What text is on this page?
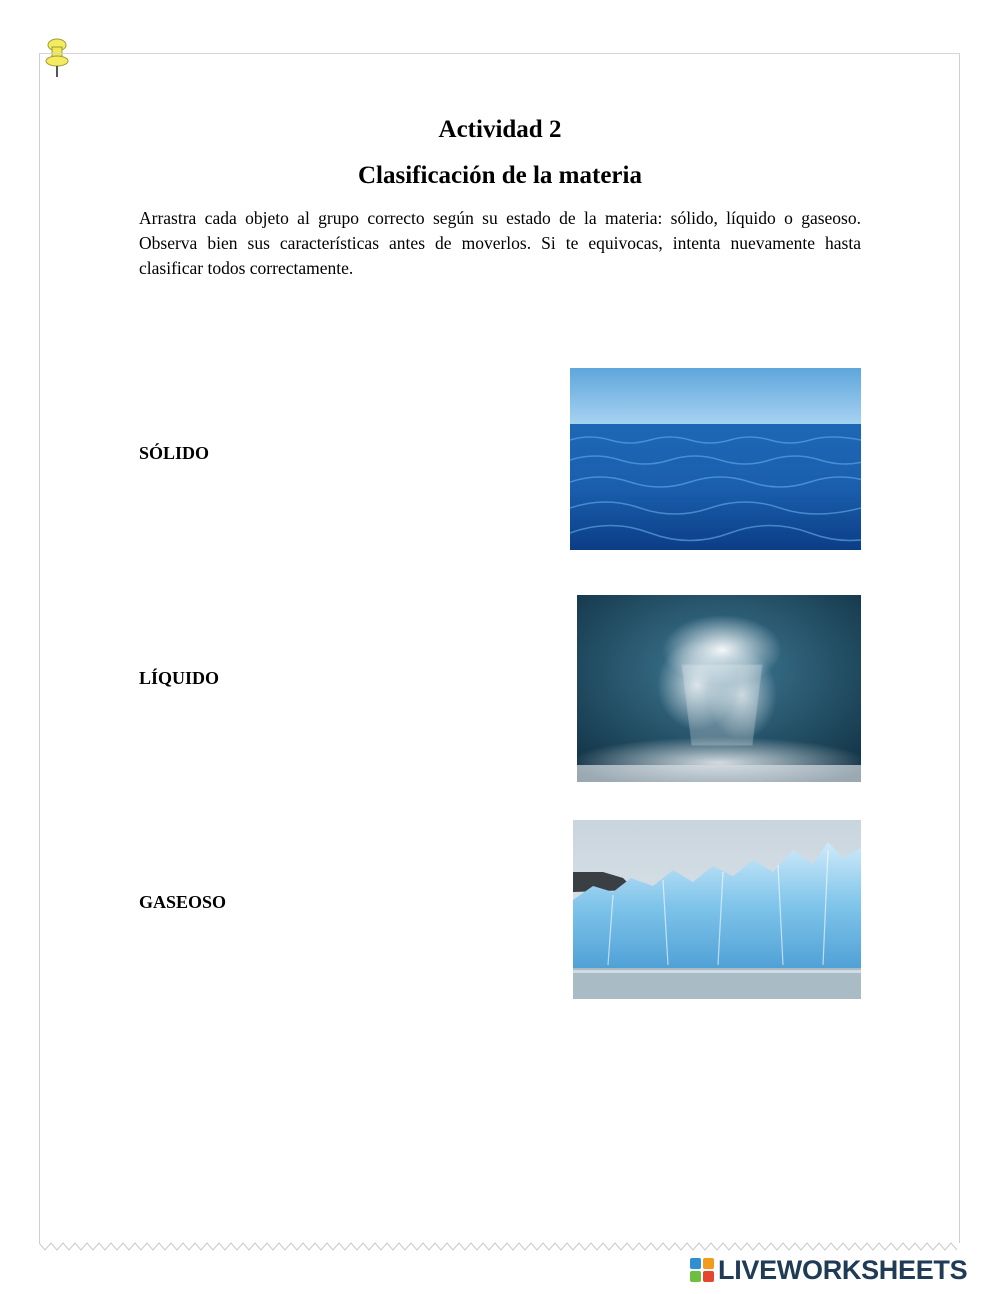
Actividad 2
Clasificación de la materia

Arrastra cada objeto al grupo correcto según su estado de la materia: sólido, líquido o gaseoso. Observa bien sus características antes de moverlos. Si te equivocas, intenta nuevamente hasta clasificar todos correctamente.

SÓLIDO

LÍQUIDO

GASEOSO

LIVEWORKSHEETS
